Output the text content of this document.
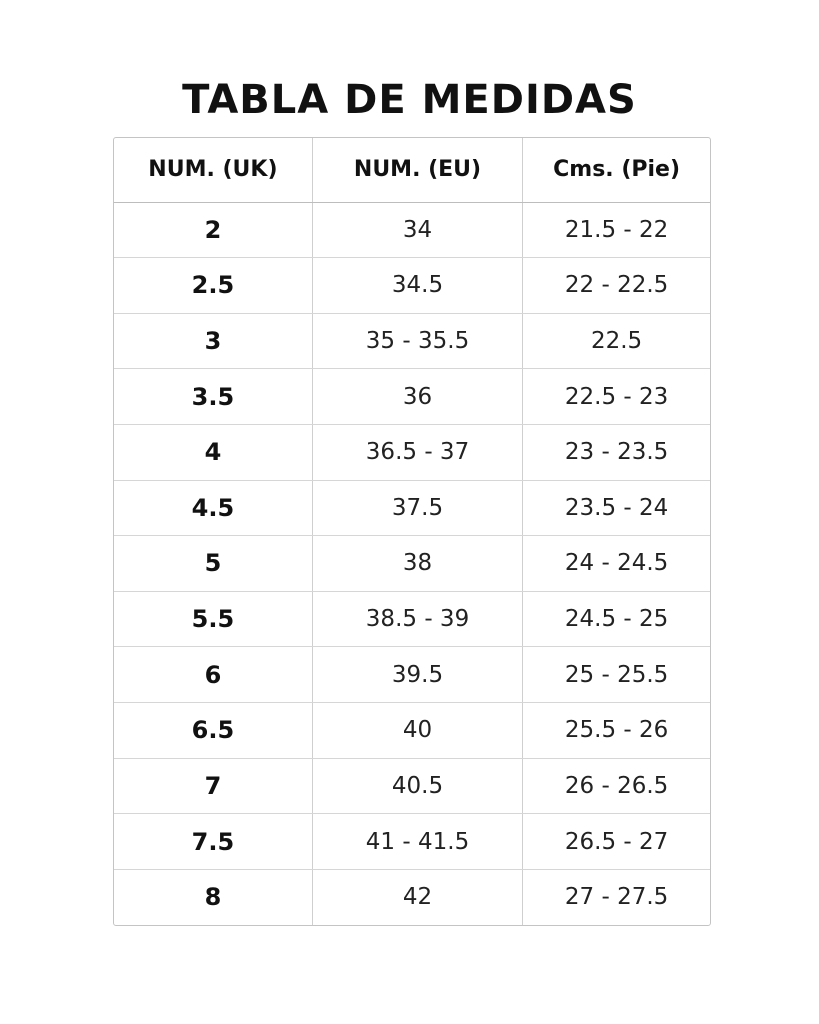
TABLA DE MEDIDAS
NUM. (UK)	NUM. (EU)	Cms. (Pie)
2	34	21.5 - 22
2.5	34.5	22 - 22.5
3	35 - 35.5	22.5
3.5	36	22.5 - 23
4	36.5 - 37	23 - 23.5
4.5	37.5	23.5 - 24
5	38	24 - 24.5
5.5	38.5 - 39	24.5 - 25
6	39.5	25 - 25.5
6.5	40	25.5 - 26
7	40.5	26 - 26.5
7.5	41 - 41.5	26.5 - 27
8	42	27 - 27.5
